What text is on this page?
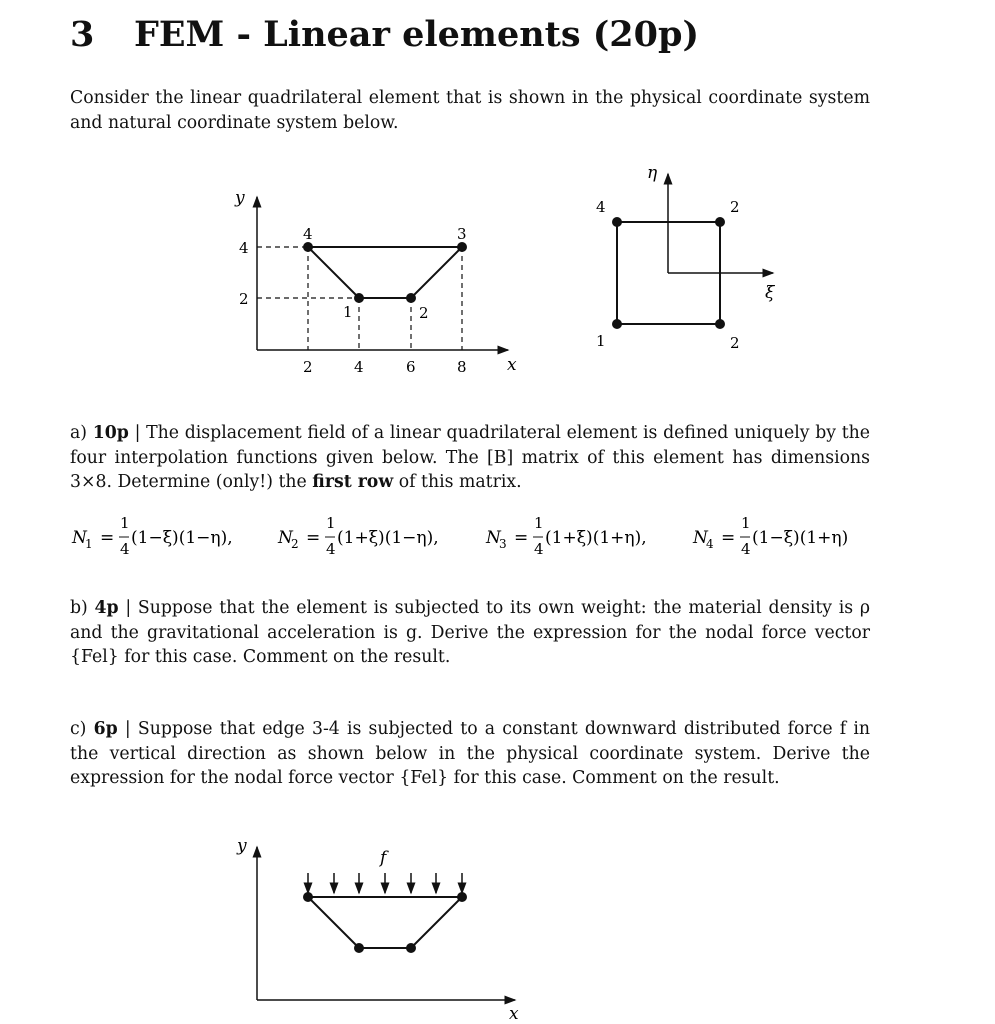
3 FEM - Linear elements (20p)
Consider the linear quadrilateral element that is shown in the physical coordinate system and natural coordinate system below.
y
x
2	4	6	8
2
4
1	2
3
4
η
ξ
1	2
2
4
a) 10p | The displacement field of a linear quadrilateral element is defined uniquely by the four interpolation functions given below. The [B] matrix of this element has dimensions 3×8. Determine (only!) the first row of this matrix.
N
1 =
1
4
(1−ξ)(1−η),	N
2 =
1
4
(1+ξ)(1−η),	N
3 =
1
4
(1+ξ)(1+η),	N
4 =
1
4
(1−ξ)(1+η)
b) 4p | Suppose that the element is subjected to its own weight: the material density is ρ and the gravitational acceleration is g. Derive the expression for the nodal force vector {Fel} for this case. Comment on the result.
c) 6p | Suppose that edge 3-4 is subjected to a constant downward distributed force f in the vertical direction as shown below in the physical coordinate system. Derive the expression for the nodal force vector {Fel} for this case. Comment on the result.
y
x
f
